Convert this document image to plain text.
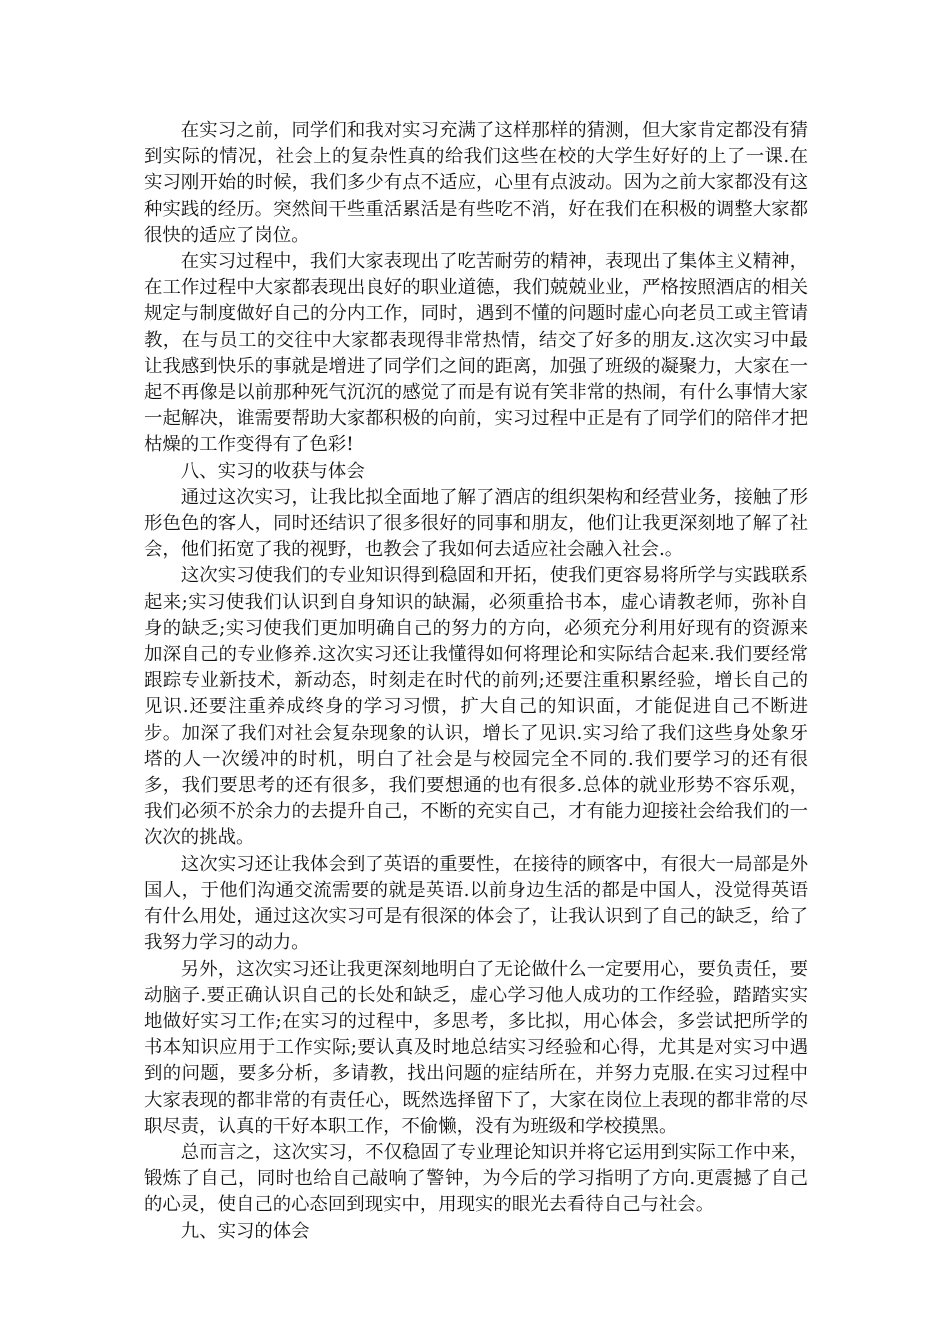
在实习之前，同学们和我对实习充满了这样那样的猜测，但大家肯定都没有猜到实际的情况，社会上的复杂性真的给我们这些在校的大学生好好的上了一课.在实习刚开始的时候，我们多少有点不适应，心里有点波动。因为之前大家都没有这种实践的经历。突然间干些重活累活是有些吃不消，好在我们在积极的调整大家都很快的适应了岗位。

在实习过程中，我们大家表现出了吃苦耐劳的精神，表现出了集体主义精神，在工作过程中大家都表现出良好的职业道德，我们兢兢业业，严格按照酒店的相关规定与制度做好自己的分内工作，同时，遇到不懂的问题时虚心向老员工或主管请教，在与员工的交往中大家都表现得非常热情，结交了好多的朋友.这次实习中最让我感到快乐的事就是增进了同学们之间的距离，加强了班级的凝聚力，大家在一起不再像是以前那种死气沉沉的感觉了而是有说有笑非常的热闹，有什么事情大家一起解决，谁需要帮助大家都积极的向前，实习过程中正是有了同学们的陪伴才把枯燥的工作变得有了色彩!

八、实习的收获与体会

通过这次实习，让我比拟全面地了解了酒店的组织架构和经营业务，接触了形形色色的客人，同时还结识了很多很好的同事和朋友，他们让我更深刻地了解了社会，他们拓宽了我的视野，也教会了我如何去适应社会融入社会.。

这次实习使我们的专业知识得到稳固和开拓，使我们更容易将所学与实践联系起来;实习使我们认识到自身知识的缺漏，必须重拾书本，虚心请教老师，弥补自身的缺乏;实习使我们更加明确自己的努力的方向，必须充分利用好现有的资源来加深自己的专业修养.这次实习还让我懂得如何将理论和实际结合起来.我们要经常跟踪专业新技术，新动态，时刻走在时代的前列;还要注重积累经验，增长自己的见识.还要注重养成终身的学习习惯，扩大自己的知识面，才能促进自己不断进步。加深了我们对社会复杂现象的认识，增长了见识.实习给了我们这些身处象牙塔的人一次缓冲的时机，明白了社会是与校园完全不同的.我们要学习的还有很多，我们要思考的还有很多，我们要想通的也有很多.总体的就业形势不容乐观，我们必须不於余力的去提升自己，不断的充实自己，才有能力迎接社会给我们的一次次的挑战。

这次实习还让我体会到了英语的重要性，在接待的顾客中，有很大一局部是外国人，于他们沟通交流需要的就是英语.以前身边生活的都是中国人，没觉得英语有什么用处，通过这次实习可是有很深的体会了，让我认识到了自己的缺乏，给了我努力学习的动力。

另外，这次实习还让我更深刻地明白了无论做什么一定要用心，要负责任，要动脑子.要正确认识自己的长处和缺乏，虚心学习他人成功的工作经验，踏踏实实地做好实习工作;在实习的过程中，多思考，多比拟，用心体会，多尝试把所学的书本知识应用于工作实际;要认真及时地总结实习经验和心得，尤其是对实习中遇到的问题，要多分析，多请教，找出问题的症结所在，并努力克服.在实习过程中大家表现的都非常的有责任心，既然选择留下了，大家在岗位上表现的都非常的尽职尽责，认真的干好本职工作，不偷懒，没有为班级和学校摸黑。

总而言之，这次实习，不仅稳固了专业理论知识并将它运用到实际工作中来，锻炼了自己，同时也给自己敲响了警钟，为今后的学习指明了方向.更震撼了自己的心灵，使自己的心态回到现实中，用现实的眼光去看待自己与社会。

九、实习的体会
